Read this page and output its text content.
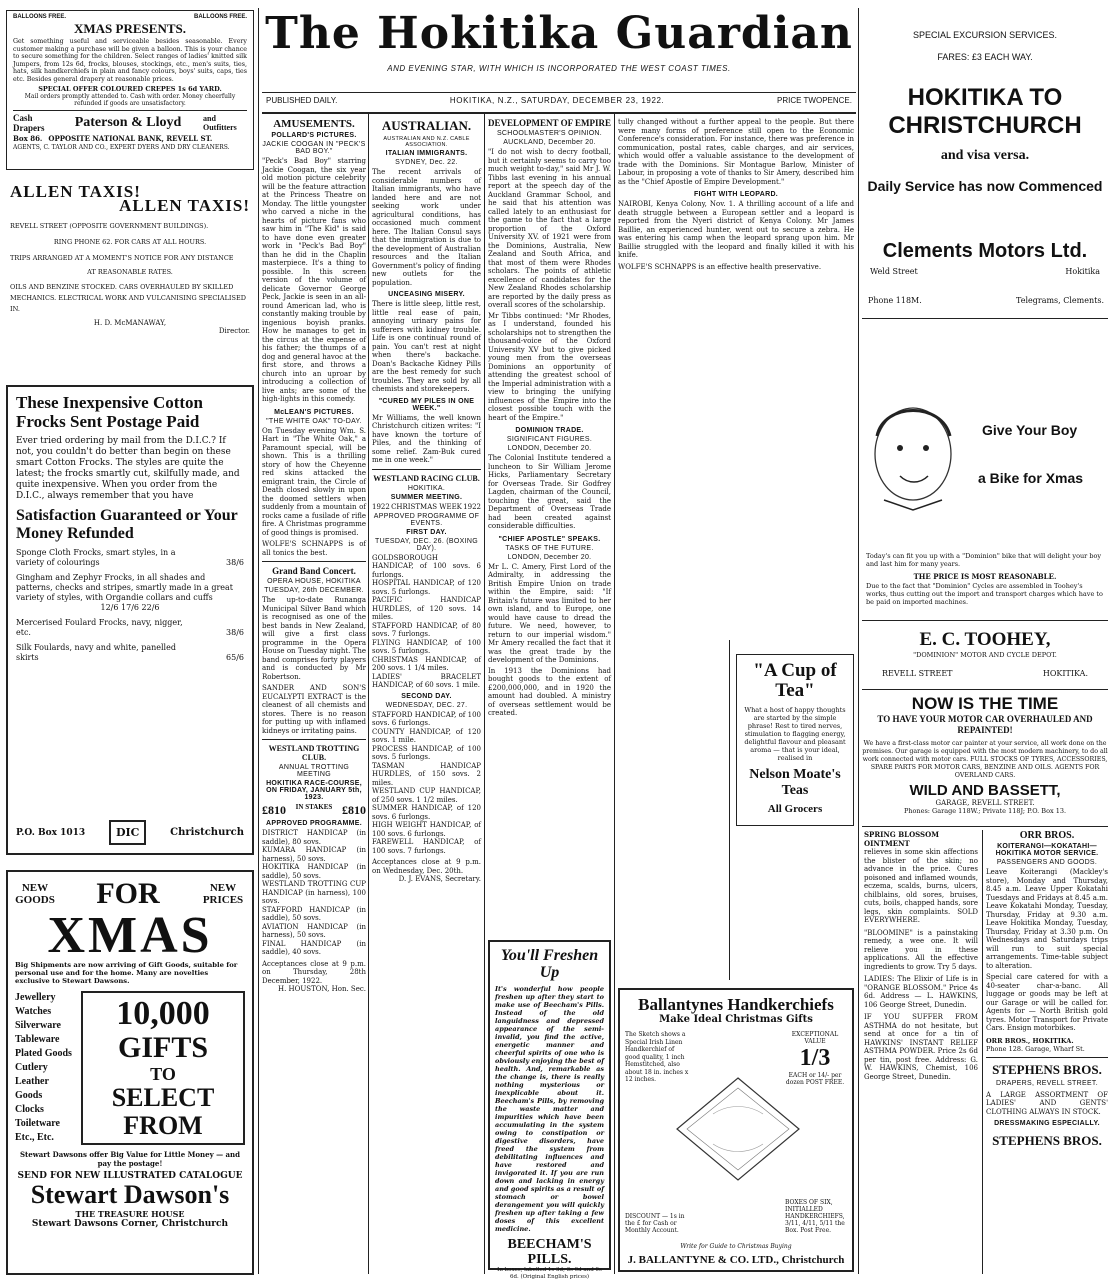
The Hokitika Guardian
AND EVENING STAR, WITH WHICH IS INCORPORATED THE WEST COAST TIMES.
PUBLISHED DAILY.	HOKITIKA, N.Z., SATURDAY, DECEMBER 23, 1922.	PRICE TWOPENCE.
BALLOONS FREE.	BALLOONS FREE.
XMAS PRESENTS.
Get something useful and serviceable besides seasonable. Every customer making a purchase will be given a balloon. This is your chance to secure something for the children. Select ranges of ladies' knitted silk Jumpers, from 12s 6d, frocks, blouses, stockings, etc., men's suits, ties, hats, silk handkerchiefs in plain and fancy colours, boys' suits, caps, ties etc. Besides general drapery at reasonable prices.
SPECIAL OFFER COLOURED CREPES 1s 6d YARD.
Mail orders promptly attended to. Cash with order. Money cheerfully refunded if goods are unsatisfactory.
Cash Drapers	Paterson & Lloyd	and Outfitters
Box 86. OPPOSITE NATIONAL BANK, REVELL ST.
AGENTS, C. TAYLOR AND CO., EXPERT DYERS AND DRY CLEANERS.
ALLEN TAXIS!
ALLEN TAXIS!
REVELL STREET (OPPOSITE GOVERNMENT BUILDINGS).
RING PHONE 62. FOR CARS AT ALL HOURS.
TRIPS ARRANGED AT A MOMENT'S NOTICE FOR ANY DISTANCE
AT REASONABLE RATES.
OILS AND BENZINE STOCKED. CARS OVERHAULED BY SKILLED MECHANICS. ELECTRICAL WORK AND VULCANISING SPECIALISED IN.
H. D. McMANAWAY,
Director.
These Inexpensive Cotton Frocks Sent Postage Paid
Ever tried ordering by mail from the D.I.C.? If not, you couldn't do better than begin on these smart Cotton Frocks. The styles are quite the latest; the frocks smartly cut, skilfully made, and quite inexpensive. When you order from the D.I.C., always remember that you have
Satisfaction Guaranteed or Your Money Refunded
Sponge Cloth Frocks, smart styles, in a variety of colourings	38/6
Gingham and Zephyr Frocks, in all shades and patterns, checks and stripes, smartly made in a great variety of styles, with Organdie collars and cuffs
12/6 17/6 22/6
Mercerised Foulard Frocks, navy, nigger, etc.	38/6
Silk Foulards, navy and white, panelled skirts	65/6
P.O. Box 1013	DIC	Christchurch
NEW GOODS FOR	NEW PRICES
XMAS
Big Shipments are now arriving of Gift Goods, suitable for personal use and for the home. Many are novelties exclusive to Stewart Dawsons.
Jewellery
Watches
Silverware
Tableware
Plated Goods
Cutlery
Leather Goods
Clocks
Toiletware
Etc., Etc.
10,000
GIFTS
TO
SELECT
FROM
Stewart Dawsons offer Big Value for Little Money — and pay the postage!
SEND FOR NEW ILLUSTRATED CATALOGUE
Stewart Dawson's
THE TREASURE HOUSE
Stewart Dawsons Corner, Christchurch
AMUSEMENTS.
POLLARD'S PICTURES.
JACKIE COOGAN IN "PECK'S BAD BOY."
"Peck's Bad Boy" starring Jackie Coogan, the six year old motion picture celebrity will be the feature attraction at the Princess Theatre on Monday. The little youngster who carved a niche in the hearts of picture fans who saw him in "The Kid" is said to have done even greater work in "Peck's Bad Boy" than he did in the Chaplin masterpiece. It's a thing to possible. In this screen version of the volume of delicate Governor George Peck, Jackie is seen in an all-round American lad, who is constantly making trouble by ingenious boyish pranks. How he manages to get in the circus at the expense of his father; the thumps of a dog and general havoc at the first store, and throws a church into an uproar by introducing a collection of live ants; are some of the high-lights in this comedy.
McLEAN'S PICTURES.
"THE WHITE OAK" TO-DAY.
On Tuesday evening Wm. S. Hart in "The White Oak," a Paramount special, will be shown. This is a thrilling story of how the Cheyenne red skins attacked the emigrant train, the Circle of Death closed slowly in upon the doomed settlers when suddenly from a mountain of rocks came a fusilade of rifle fire. A Christmas programme of good things is promised.
WOLFE'S SCHNAPPS is of all tonics the best.
Grand Band Concert.
OPERA HOUSE, HOKITIKA
TUESDAY, 26th DECEMBER.
The up-to-date Runanga Municipal Silver Band which is recognised as one of the best bands in New Zealand, will give a first class programme in the Opera House on Tuesday night. The band comprises forty players and is conducted by Mr Robertson.
SANDER AND SON'S EUCALYPTI EXTRACT is the cleanest of all chemists and stores. There is no reason for putting up with inflamed kidneys or irritating pains.
WESTLAND TROTTING CLUB.
ANNUAL TROTTING MEETING
HOKITIKA RACE-COURSE, ON FRIDAY, JANUARY 5th, 1923.
£810 IN STAKES £810
APPROVED PROGRAMME.
DISTRICT HANDICAP (in saddle), 80 sovs.
KUMARA HANDICAP (in harness), 50 sovs.
HOKITIKA HANDICAP (in saddle), 50 sovs.
WESTLAND TROTTING CUP HANDICAP (in harness), 100 sovs.
STAFFORD HANDICAP (in saddle), 50 sovs.
AVIATION HANDICAP (in harness), 50 sovs.
FINAL HANDICAP (in saddle), 40 sovs.
Acceptances close at 9 p.m. on Thursday, 28th December, 1922.
H. HOUSTON, Hon. Sec.
AUSTRALIAN.
AUSTRALIAN AND N.Z. CABLE ASSOCIATION.
ITALIAN IMMIGRANTS.
SYDNEY, Dec. 22.
The recent arrivals of considerable numbers of Italian immigrants, who have landed here and are not seeking work under agricultural conditions, has occasioned much comment here. The Italian Consul says that the immigration is due to the development of Australian resources and the Italian Government's policy of finding new outlets for the population.
UNCEASING MISERY.
There is little sleep, little rest, little real ease of pain, annoying urinary pains for sufferers with kidney trouble. Life is one continual round of pain. You can't rest at night when there's backache. Doan's Backache Kidney Pills are the best remedy for such troubles. They are sold by all chemists and storekeepers.
"CURED MY PILES IN ONE WEEK."
Mr Williams, the well known Christchurch citizen writes: "I have known the torture of Piles, and the thinking of some relief. Zam-Buk cured me in one week."
WESTLAND RACING CLUB.
HOKITIKA.
SUMMER MEETING.
1922 CHRISTMAS WEEK 1922
APPROVED PROGRAMME OF EVENTS.
FIRST DAY.
TUESDAY, DEC. 26. (BOXING DAY).
GOLDSBOROUGH HANDICAP, of 100 sovs. 6 furlongs.
HOSPITAL HANDICAP, of 120 sovs. 5 furlongs.
PACIFIC HANDICAP HURDLES, of 120 sovs. 14 miles.
STAFFORD HANDICAP, of 80 sovs. 7 furlongs.
FLYING HANDICAP, of 100 sovs. 5 furlongs.
CHRISTMAS HANDICAP, of 200 sovs. 1 1/4 miles.
LADIES' BRACELET HANDICAP, of 60 sovs. 1 mile.
SECOND DAY.
WEDNESDAY, DEC. 27.
STAFFORD HANDICAP, of 100 sovs. 6 furlongs.
COUNTY HANDICAP, of 120 sovs. 1 mile.
PROCESS HANDICAP, of 100 sovs. 5 furlongs.
TASMAN HANDICAP HURDLES, of 150 sovs. 2 miles.
WESTLAND CUP HANDICAP, of 250 sovs. 1 1/2 miles.
SUMMER HANDICAP, of 120 sovs. 6 furlongs.
HIGH WEIGHT HANDICAP, of 100 sovs. 6 furlongs.
FAREWELL HANDICAP, of 100 sovs. 7 furlongs.
Acceptances close at 9 p.m. on Wednesday, Dec. 20th.
D. J. EVANS, Secretary.
DEVELOPMENT OF EMPIRE
SCHOOLMASTER'S OPINION.
AUCKLAND, December 20.
"I do not wish to decry football, but it certainly seems to carry too much weight to-day," said Mr J. W. Tibbs last evening in his annual report at the speech day of the Auckland Grammar School, and he said that his attention was called lately to an enthusiast for the game to the fact that a large proportion of the Oxford University XV. of 1921 were from the Dominions, Australia, New Zealand and South Africa, and that most of them were Rhodes scholars. The points of athletic excellence of candidates for the New Zealand Rhodes scholarship are reported by the daily press as overall scores of the scholarship.
Mr Tibbs continued: "Mr Rhodes, as I understand, founded his scholarships not to strengthen the thousand-voice of the Oxford University XV but to give picked young men from the overseas Dominions an opportunity of attending the greatest school of the Imperial administration with a view to bringing the unifying influences of the Empire into the closest possible touch with the heart of the Empire."
DOMINION TRADE.
SIGNIFICANT FIGURES.
LONDON, December 20.
The Colonial Institute tendered a luncheon to Sir William Jerome Hicks, Parliamentary Secretary for Overseas Trade. Sir Godfrey Lagden, chairman of the Council, touching the great, said the Department of Overseas Trade had been created against considerable difficulties.
"CHIEF APOSTLE" SPEAKS.
TASKS OF THE FUTURE.
LONDON, December 20.
Mr L. C. Amery, First Lord of the Admiralty, in addressing the British Empire Union on trade within the Empire, said: "If Britain's future was limited to her own island, and to Europe, one would have cause to dread the future. We need, however, to return to our imperial wisdom." Mr Amery recalled the fact that it was the great trade by the development of the Dominions.
In 1913 the Dominions had bought goods to the extent of £200,000,000, and in 1920 the amount had doubled. A ministry of overseas settlement would be created.
tully changed without a further appeal to the people. But there were many forms of preference still open to the Economic Conference's consideration. For instance, there was preference in communication, postal rates, cable charges, and air services, which would offer a valuable assistance to the development of trade with the Dominions. Sir Montague Barlow, Minister of Labour, in proposing a vote of thanks to Sir Amery, described him as the "Chief Apostle of Empire Development."
FIGHT WITH LEOPARD.
NAIROBI, Kenya Colony, Nov. 1. A thrilling account of a life and death struggle between a European settler and a leopard is reported from the Nyeri district of Kenya Colony. Mr James Baillie, an experienced hunter, went out to secure a zebra. He was entering his camp when the leopard sprang upon him. Mr Baillie struggled with the leopard and finally killed it with his knife.
WOLFE'S SCHNAPPS is an effective health preservative.
"A Cup of Tea"
What a host of happy thoughts are started by the simple phrase! Rest to tired nerves, stimulation to flagging energy, delightful flavour and pleasant aroma — that is your ideal, realised in
Nelson Moate's Teas
All Grocers
You'll Freshen Up
It's wonderful how people freshen up after they start to make use of Beecham's Pills. Instead of the old languidness and depressed appearance of the semi-invalid, you find the active, energetic manner and cheerful spirits of one who is obviously enjoying the best of health. And, remarkable as the change is, there is really nothing mysterious or inexplicable about it. Beecham's Pills, by removing the waste matter and impurities which have been accumulating in the system owing to constipation or digestive disorders, have freed the system from debilitating influences and have restored and invigorated it. If you are run down and lacking in energy and good spirits as a result of stomach or bowel derangement you will quickly freshen up after taking a few doses of this excellent medicine.
BEECHAM'S PILLS.
In boxes, labelled 1s 3d, 3s 0d and 9s 6d. (Original English prices)
Ballantynes Handkerchiefs
Make Ideal Christmas Gifts
The Sketch shows a Special Irish Linen Handkerchief of good quality, 1 inch Hemstitched, also about 18 in. inches x 12 inches.
EXCEPTIONAL VALUE
1/3
EACH or 14/- per dozen POST FREE.
DISCOUNT — 1s in the £ for Cash or Monthly Account.
BOXES OF SIX, INITIALLED HANDKERCHIEFS, 3/11, 4/11, 5/11 the Box. Post Free.
Write for Guide to Christmas Buying
J. BALLANTYNE & CO. LTD., Christchurch
SPECIAL EXCURSION SERVICES.
FARES: £3 EACH WAY.
HOKITIKA TO
CHRISTCHURCH
and visa versa.
Daily Service has now Commenced
Clements Motors Ltd.
Weld Street	Hokitika
Phone 118M.	Telegrams, Clements.
Give Your Boy
a Bike for Xmas
Today's can fit you up with a "Dominion" bike that will delight your boy and last him for many years.
THE PRICE IS MOST REASONABLE.
Due to the fact that "Dominion" Cycles are assembled in Toohey's works, thus cutting out the import and transport charges which have to be paid on imported machines.
E. C. TOOHEY,
"DOMINION" MOTOR AND CYCLE DEPOT.
REVELL STREET	HOKITIKA.
NOW IS THE TIME
TO HAVE YOUR MOTOR CAR OVERHAULED AND REPAINTED!
We have a first-class motor car painter at your service, all work done on the premises. Our garage is equipped with the most modern machinery, to do all work connected with motor cars. FULL STOCKS OF TYRES, ACCESSORIES, SPARE PARTS FOR MOTOR CARS, BENZINE AND OILS. AGENTS FOR OVERLAND CARS.
WILD AND BASSETT,
GARAGE, REVELL STREET.
Phones: Garage 118W.; Private 118J; P.O. Box 13.
SPRING BLOSSOM OINTMENT
relieves in some skin affections the blister of the skin; no advance in the price. Cures poisoned and inflamed wounds, eczema, scalds, burns, ulcers, chilblains, old sores, bruises, cuts, boils, chapped hands, sore legs, skin complaints. SOLD EVERYWHERE.
"BLOOMINE" is a painstaking remedy, a wee one. It will relieve you in these applications. All the effective ingredients to grow. Try 5 days.
LADIES: The Elixir of Life is in "ORANGE BLOSSOM." Price 4s 6d. Address — L. HAWKINS, 106 George Street, Dunedin.
IF YOU SUFFER FROM ASTHMA do not hesitate, but send at once for a tin of HAWKINS' INSTANT RELIEF ASTHMA POWDER. Price 2s 6d per tin, post free. Address: G. W. HAWKINS, Chemist, 106 George Street, Dunedin.
ORR BROS.
KOITERANGI—KOKATAHI—HOKITIKA MOTOR SERVICE.
PASSENGERS AND GOODS.
Leave Koiterangi (Mackley's store), Monday and Thursday, 8.45 a.m. Leave Upper Kokatahi Tuesdays and Fridays at 8.45 a.m. Leave Kokatahi Monday, Tuesday, Thursday, Friday at 9.30 a.m. Leave Hokitika Monday, Tuesday, Thursday, Friday at 3.30 p.m. On Wednesdays and Saturdays trips will run to suit special arrangements. Time-table subject to alteration.
Special care catered for with a 40-seater char-a-banc. All luggage or goods may be left at our Garage or will be called for. Agents for — North British gold tyres. Motor Transport for Private Cars. Ensign motorbikes.
ORR BROS., HOKITIKA.
Phone 128. Garage, Wharf St.
STEPHENS BROS.
DRAPERS, REVELL STREET.
A LARGE ASSORTMENT OF LADIES' AND GENTS' CLOTHING ALWAYS IN STOCK.
DRESSMAKING ESPECIALLY.
STEPHENS BROS.
